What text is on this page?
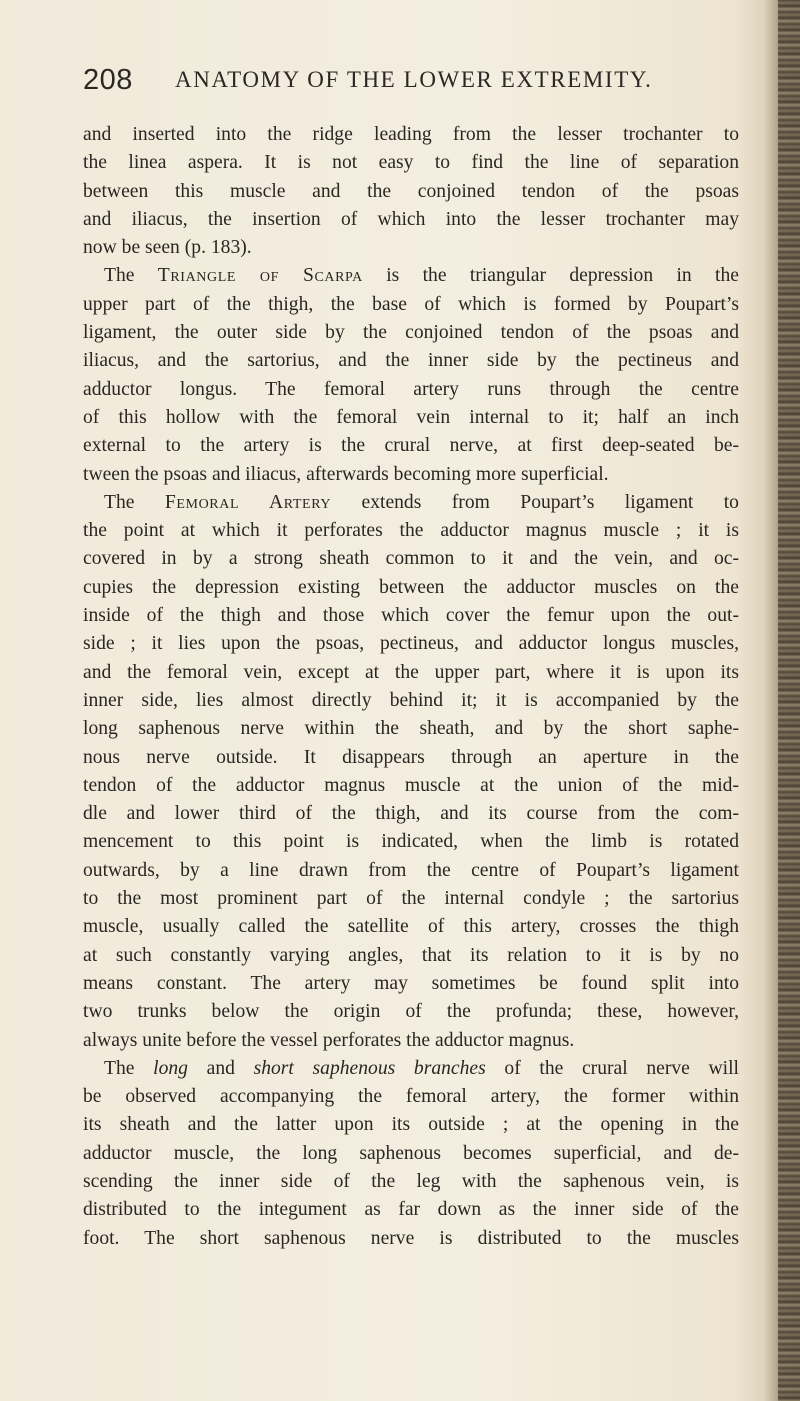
208 ANATOMY OF THE LOWER EXTREMITY.
and inserted into the ridge leading from the lesser trochanter to
the linea aspera. It is not easy to find the line of separation
between this muscle and the conjoined tendon of the psoas
and iliacus, the insertion of which into the lesser trochanter may
now be seen (p. 183).
The Triangle of Scarpa is the triangular depression in the
upper part of the thigh, the base of which is formed by Poupart’s
ligament, the outer side by the conjoined tendon of the psoas and
iliacus, and the sartorius, and the inner side by the pectineus and
adductor longus. The femoral artery runs through the centre
of this hollow with the femoral vein internal to it; half an inch
external to the artery is the crural nerve, at first deep-seated be-
tween the psoas and iliacus, afterwards becoming more superficial.
The Femoral Artery extends from Poupart’s ligament to
the point at which it perforates the adductor magnus muscle ; it is
covered in by a strong sheath common to it and the vein, and oc-
cupies the depression existing between the adductor muscles on the
inside of the thigh and those which cover the femur upon the out-
side ; it lies upon the psoas, pectineus, and adductor longus muscles,
and the femoral vein, except at the upper part, where it is upon its
inner side, lies almost directly behind it; it is accompanied by the
long saphenous nerve within the sheath, and by the short saphe-
nous nerve outside. It disappears through an aperture in the
tendon of the adductor magnus muscle at the union of the mid-
dle and lower third of the thigh, and its course from the com-
mencement to this point is indicated, when the limb is rotated
outwards, by a line drawn from the centre of Poupart’s ligament
to the most prominent part of the internal condyle ; the sartorius
muscle, usually called the satellite of this artery, crosses the thigh
at such constantly varying angles, that its relation to it is by no
means constant. The artery may sometimes be found split into
two trunks below the origin of the profunda; these, however,
always unite before the vessel perforates the adductor magnus.
The long and short saphenous branches of the crural nerve will
be observed accompanying the femoral artery, the former within
its sheath and the latter upon its outside ; at the opening in the
adductor muscle, the long saphenous becomes superficial, and de-
scending the inner side of the leg with the saphenous vein, is
distributed to the integument as far down as the inner side of the
foot. The short saphenous nerve is distributed to the muscles
